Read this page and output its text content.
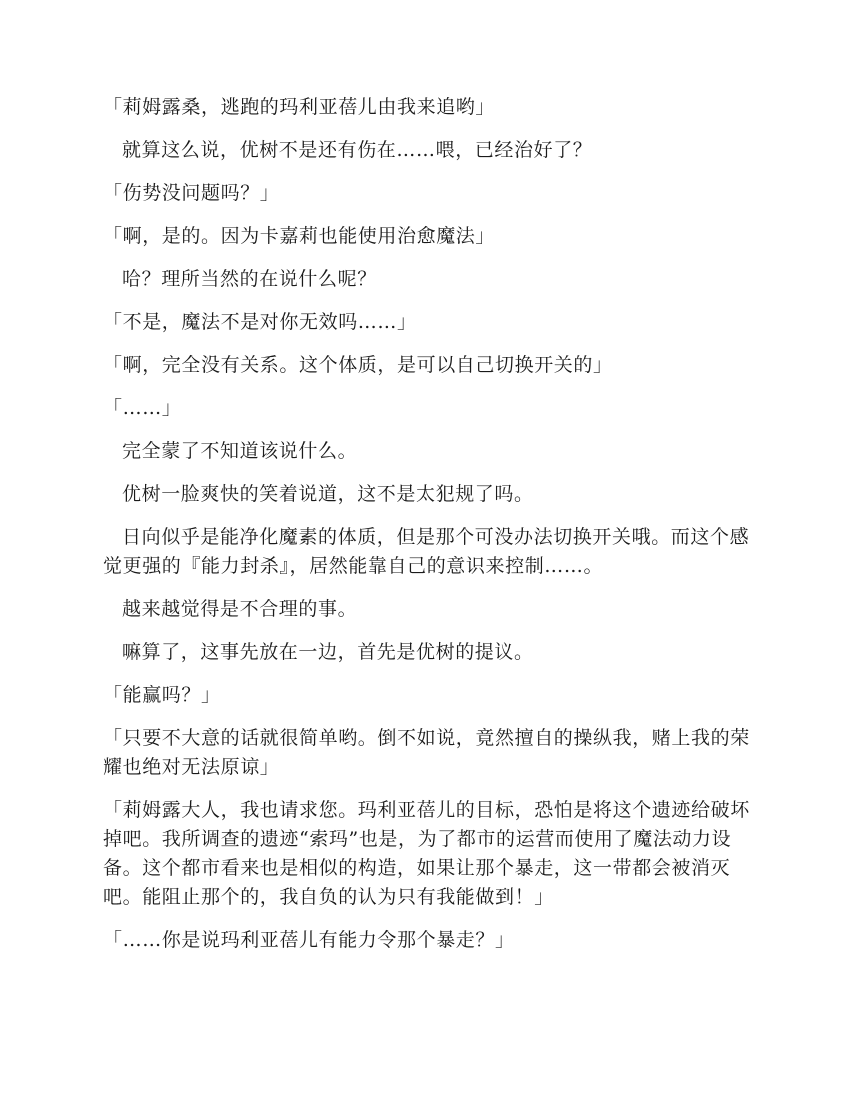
「莉姆露桑，逃跑的玛利亚蓓儿由我来追哟」

就算这么说，优树不是还有伤在……喂，已经治好了？

「伤势没问题吗？」

「啊，是的。因为卡嘉莉也能使用治愈魔法」

哈？理所当然的在说什么呢？

「不是，魔法不是对你无效吗……」

「啊，完全没有关系。这个体质，是可以自己切换开关的」

「……」

完全蒙了不知道该说什么。

优树一脸爽快的笑着说道，这不是太犯规了吗。

日向似乎是能净化魔素的体质，但是那个可没办法切换开关哦。而这个感觉更强的『能力封杀』，居然能靠自己的意识来控制……。

越来越觉得是不合理的事。

嘛算了，这事先放在一边，首先是优树的提议。

「能赢吗？」

「只要不大意的话就很简单哟。倒不如说，竟然擅自的操纵我，赌上我的荣耀也绝对无法原谅」

「莉姆露大人，我也请求您。玛利亚蓓儿的目标，恐怕是将这个遗迹给破坏掉吧。我所调查的遗迹“索玛”也是，为了都市的运营而使用了魔法动力设备。这个都市看来也是相似的构造，如果让那个暴走，这一带都会被消灭吧。能阻止那个的，我自负的认为只有我能做到！」

「……你是说玛利亚蓓儿有能力令那个暴走？」
